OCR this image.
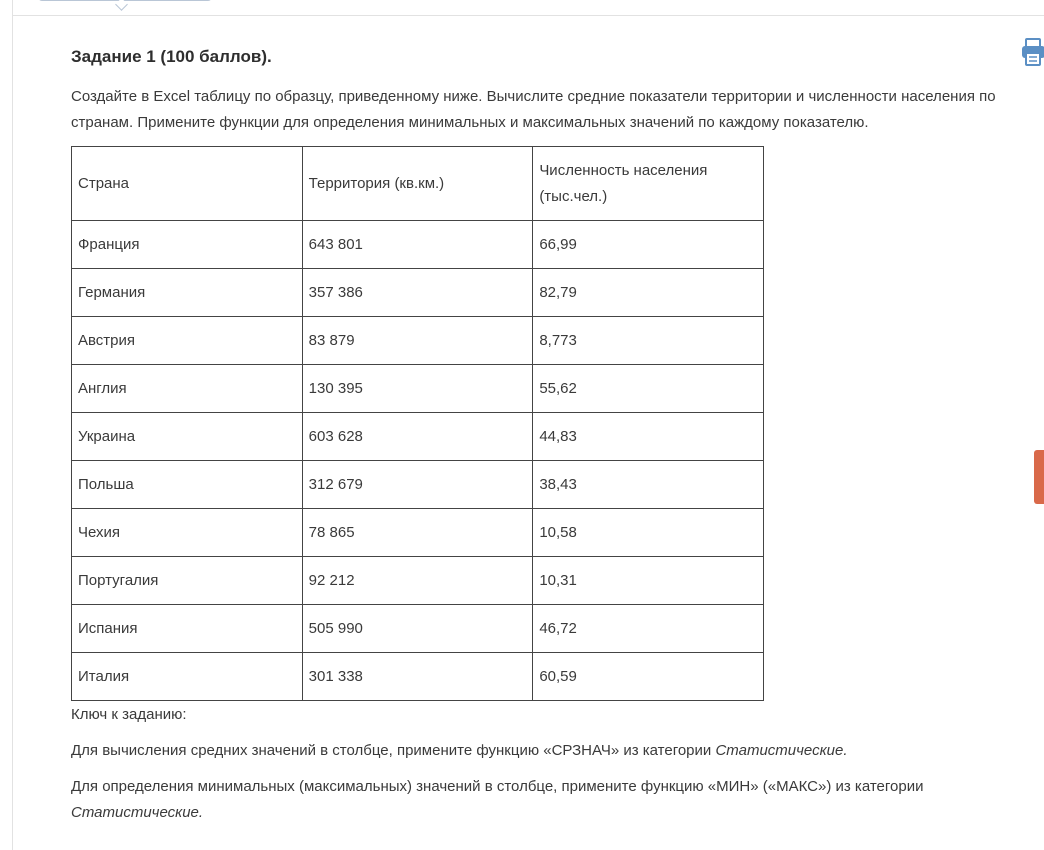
Задание 1 (100 баллов).
Создайте в Excel таблицу по образцу, приведенному ниже. Вычислите средние показатели территории и численности населения по странам. Примените функции для определения минимальных и максимальных значений по каждому показателю.
Страна	Территория (кв.км.)	Численность населения (тыс.чел.)
Франция	643 801	66,99
Германия	357 386	82,79
Австрия	83 879	8,773
Англия	130 395	55,62
Украина	603 628	44,83
Польша	312 679	38,43
Чехия	78 865	10,58
Португалия	92 212	10,31
Испания	505 990	46,72
Италия	301 338	60,59
Ключ к заданию:
Для вычисления средних значений в столбце, примените функцию «СРЗНАЧ» из категории Статистические.
Для определения минимальных (максимальных) значений в столбце, примените функцию «МИН» («МАКС») из категории Статистические.
